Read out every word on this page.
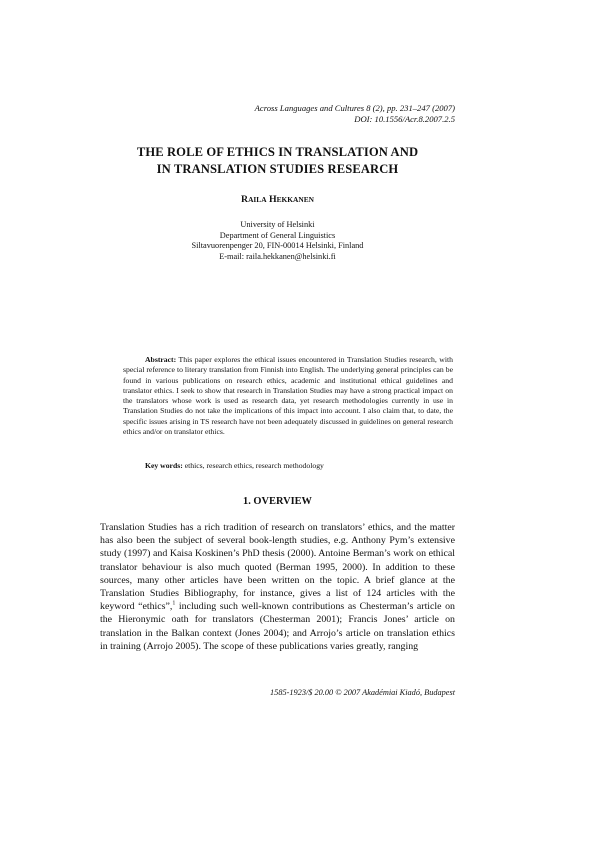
Across Languages and Cultures 8 (2), pp. 231–247 (2007)
DOI: 10.1556/Acr.8.2007.2.5
THE ROLE OF ETHICS IN TRANSLATION AND
IN TRANSLATION STUDIES RESEARCH
RAILA HEKKANEN
University of Helsinki
Department of General Linguistics
Siltavuorenpenger 20, FIN-00014 Helsinki, Finland
E-mail: raila.hekkanen@helsinki.fi
Abstract: This paper explores the ethical issues encountered in Translation Studies research, with special reference to literary translation from Finnish into English. The underlying general principles can be found in various publications on research ethics, academic and institutional ethical guidelines and translator ethics. I seek to show that research in Translation Studies may have a strong practical impact on the translators whose work is used as research data, yet research methodologies currently in use in Translation Studies do not take the implications of this impact into account. I also claim that, to date, the specific issues arising in TS research have not been adequately discussed in guidelines on general research ethics and/or on translator ethics.
Key words: ethics, research ethics, research methodology
1. OVERVIEW
Translation Studies has a rich tradition of research on translators’ ethics, and the matter has also been the subject of several book-length studies, e.g. Anthony Pym’s extensive study (1997) and Kaisa Koskinen’s PhD thesis (2000). Antoine Berman’s work on ethical translator behaviour is also much quoted (Berman 1995, 2000). In addition to these sources, many other articles have been written on the topic. A brief glance at the Translation Studies Bibliography, for instance, gives a list of 124 articles with the keyword “ethics”,$^1$ including such well-known contributions as Chesterman’s article on the Hieronymic oath for translators (Chesterman 2001); Francis Jones’ article on translation in the Balkan context (Jones 2004); and Arrojo’s article on translation ethics in training (Arrojo 2005). The scope of these publications varies greatly, ranging
1585-1923/$ 20.00 © 2007 Akadémiai Kiadó, Budapest
